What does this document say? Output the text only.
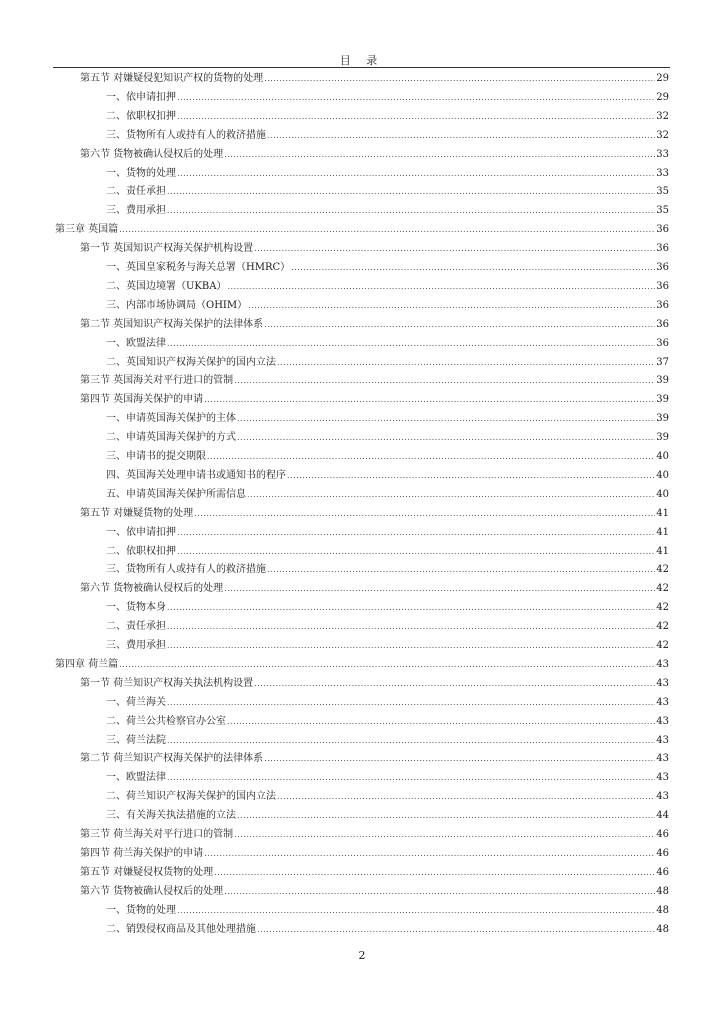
目 录
第五节 对嫌疑侵犯知识产权的货物的处理 .....	29
一、依申请扣押 .....	29
二、依职权扣押 .....	32
三、货物所有人或持有人的救济措施 .....	32
第六节 货物被确认侵权后的处理 .....	33
一、货物的处理 .....	33
二、责任承担 .....	35
三、费用承担 .....	35
第三章 英国篇 .....	36
第一节 英国知识产权海关保护机构设置 .....	36
一、英国皇家税务与海关总署（HMRC） .....	36
二、英国边境署（UKBA） .....	36
三、内部市场协调局（OHIM） .....	36
第二节 英国知识产权海关保护的法律体系 .....	36
一、欧盟法律 .....	36
二、英国知识产权海关保护的国内立法 .....	37
第三节 英国海关对平行进口的管制 .....	39
第四节 英国海关保护的申请 .....	39
一、申请英国海关保护的主体 .....	39
二、申请英国海关保护的方式 .....	39
三、申请书的提交期限 .....	40
四、英国海关处理申请书或通知书的程序 .....	40
五、申请英国海关保护所需信息 .....	40
第五节 对嫌疑货物的处理 .....	41
一、依申请扣押 .....	41
二、依职权扣押 .....	41
三、货物所有人或持有人的救济措施 .....	42
第六节 货物被确认侵权后的处理 .....	42
一、货物本身 .....	42
二、责任承担 .....	42
三、费用承担 .....	42
第四章 荷兰篇 .....	43
第一节 荷兰知识产权海关执法机构设置 .....	43
一、荷兰海关 .....	43
二、荷兰公共检察官办公室 .....	43
三、荷兰法院 .....	43
第二节 荷兰知识产权海关保护的法律体系 .....	43
一、欧盟法律 .....	43
二、荷兰知识产权海关保护的国内立法 .....	43
三、有关海关执法措施的立法 .....	44
第三节 荷兰海关对平行进口的管制 .....	46
第四节 荷兰海关保护的申请 .....	46
第五节 对嫌疑侵权货物的处理 .....	46
第六节 货物被确认侵权后的处理 .....	48
一、货物的处理 .....	48
二、销毁侵权商品及其他处理措施 .....	48
2
